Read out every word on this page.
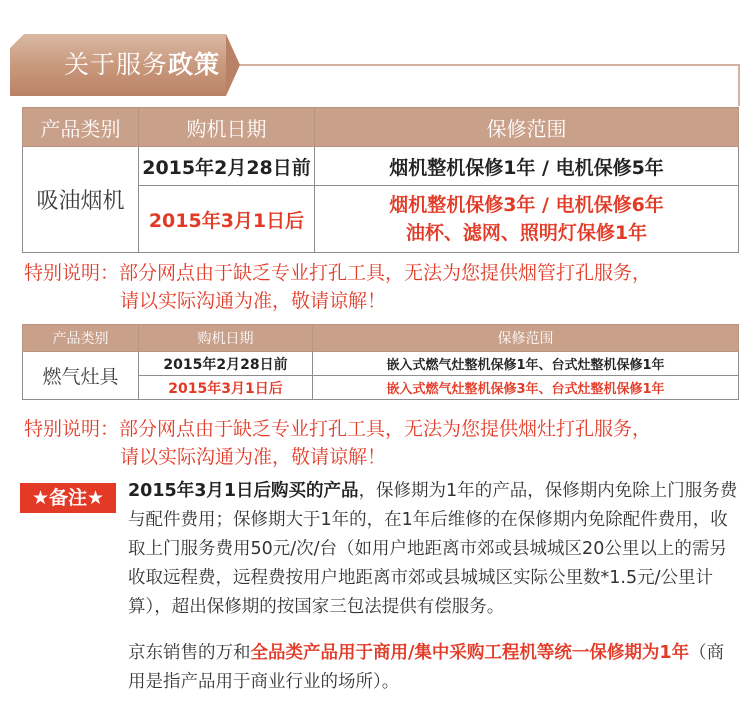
关于服务政策
产品类别	购机日期	保修范围
吸油烟机	2015年2月28日前	烟机整机保修1年 / 电机保修5年
	2015年3月1日后	烟机整机保修3年 / 电机保修6年
油杯、滤网、照明灯保修1年
特别说明：部分网点由于缺乏专业打孔工具，无法为您提供烟管打孔服务，
请以实际沟通为准，敬请谅解！
产品类别	购机日期	保修范围
燃气灶具	2015年2月28日前	嵌入式燃气灶整机保修1年、台式灶整机保修1年
	2015年3月1日后	嵌入式燃气灶整机保修3年、台式灶整机保修1年
特别说明：部分网点由于缺乏专业打孔工具，无法为您提供烟灶打孔服务，
请以实际沟通为准，敬请谅解！
★备注★	2015年3月1日后购买的产品，保修期为1年的产品，保修期内免除上门服务费与配件费用；保修期大于1年的，在1年后维修的在保修期内免除配件费用，收取上门服务费用50元/次/台（如用户地距离市郊或县城城区20公里以上的需另收取远程费，远程费按用户地距离市郊或县城城区实际公里数*1.5元/公里计算），超出保修期的按国家三包法提供有偿服务。

京东销售的万和全品类产品用于商用/集中采购工程机等统一保修期为1年（商用是指产品用于商业行业的场所）。
